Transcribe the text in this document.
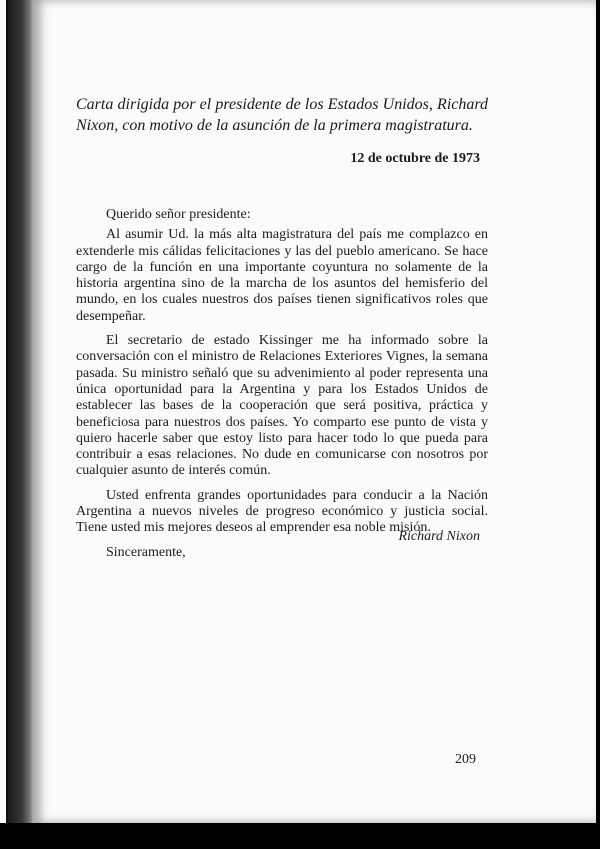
Carta dirigida por el presidente de los Estados Unidos, Richard Nixon, con motivo de la asunción de la primera magistratura.
12 de octubre de 1973

Querido señor presidente:

Al asumir Ud. la más alta magistratura del país me complazco en extenderle mis cálidas felicitaciones y las del pueblo americano. Se hace cargo de la función en una importante coyuntura no solamente de la historia argentina sino de la marcha de los asuntos del hemisferio del mundo, en los cuales nuestros dos países tienen significativos roles que desempeñar.

El secretario de estado Kissinger me ha informado sobre la conversación con el ministro de Relaciones Exteriores Vignes, la semana pasada. Su ministro señaló que su advenimiento al poder representa una única oportunidad para la Argentina y para los Estados Unidos de establecer las bases de la cooperación que será positiva, práctica y beneficiosa para nuestros dos países. Yo comparto ese punto de vista y quiero hacerle saber que estoy listo para hacer todo lo que pueda para contribuir a esas relaciones. No dude en comunicarse con nosotros por cualquier asunto de interés común.

Usted enfrenta grandes oportunidades para conducir a la Nación Argentina a nuevos niveles de progreso económico y justicia social. Tiene usted mis mejores deseos al emprender esa noble misión.

Sinceramente,

Richard Nixon
209
